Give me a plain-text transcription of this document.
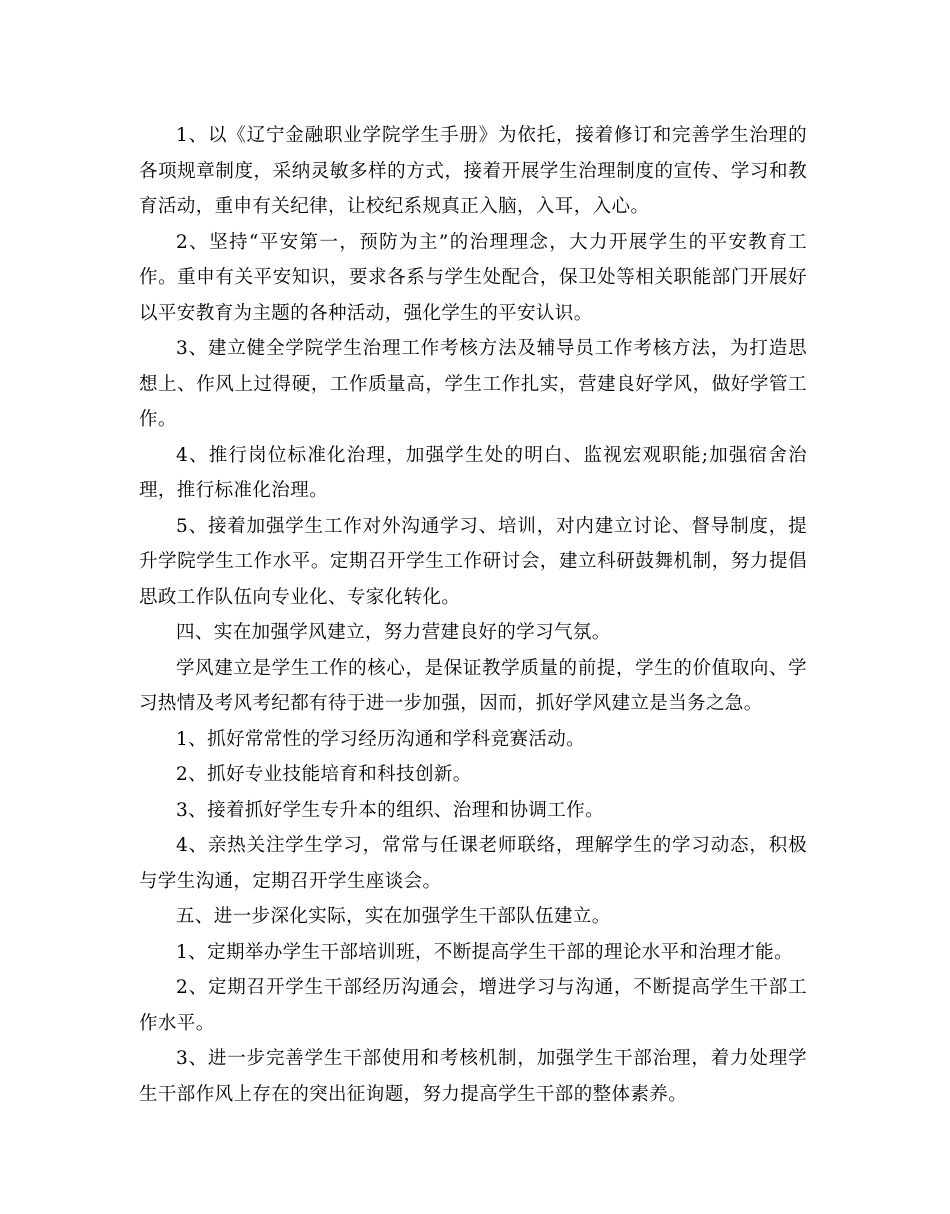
1、以《辽宁金融职业学院学生手册》为依托，接着修订和完善学生治理的各项规章制度，采纳灵敏多样的方式，接着开展学生治理制度的宣传、学习和教育活动，重申有关纪律，让校纪系规真正入脑，入耳，入心。

2、坚持“平安第一，预防为主”的治理理念，大力开展学生的平安教育工作。重申有关平安知识，要求各系与学生处配合，保卫处等相关职能部门开展好以平安教育为主题的各种活动，强化学生的平安认识。

3、建立健全学院学生治理工作考核方法及辅导员工作考核方法，为打造思想上、作风上过得硬，工作质量高，学生工作扎实，营建良好学风，做好学管工作。

4、推行岗位标准化治理，加强学生处的明白、监视宏观职能;加强宿舍治理，推行标准化治理。

5、接着加强学生工作对外沟通学习、培训，对内建立讨论、督导制度，提升学院学生工作水平。定期召开学生工作研讨会，建立科研鼓舞机制，努力提倡思政工作队伍向专业化、专家化转化。

四、实在加强学风建立，努力营建良好的学习气氛。

学风建立是学生工作的核心，是保证教学质量的前提，学生的价值取向、学习热情及考风考纪都有待于进一步加强，因而，抓好学风建立是当务之急。

1、抓好常常性的学习经历沟通和学科竞赛活动。

2、抓好专业技能培育和科技创新。

3、接着抓好学生专升本的组织、治理和协调工作。

4、亲热关注学生学习，常常与任课老师联络，理解学生的学习动态，积极与学生沟通，定期召开学生座谈会。

五、进一步深化实际，实在加强学生干部队伍建立。

1、定期举办学生干部培训班，不断提高学生干部的理论水平和治理才能。

2、定期召开学生干部经历沟通会，增进学习与沟通，不断提高学生干部工作水平。

3、进一步完善学生干部使用和考核机制，加强学生干部治理，着力处理学生干部作风上存在的突出征询题，努力提高学生干部的整体素养。
